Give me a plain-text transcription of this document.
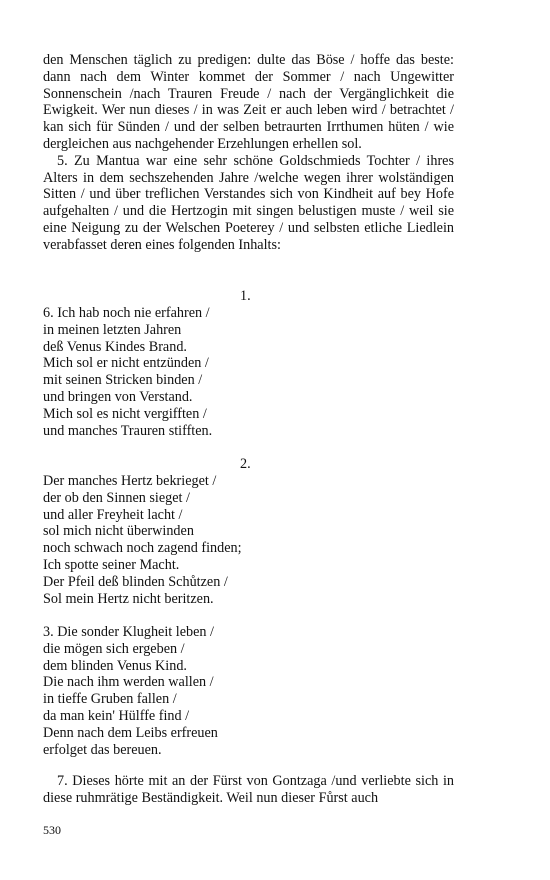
den Menschen täglich zu predigen: dulte das Böse / hoffe das beste: dann nach dem Winter kommet der Sommer / nach Ungewitter Sonnenschein /nach Trauren Freude / nach der Vergänglichkeit die Ewigkeit. Wer nun dieses / in was Zeit er auch leben wird / betrachtet / kan sich für Sünden / und der selben betraurten Irrthumen hüten / wie dergleichen aus nachgehender Erzehlungen erhellen sol.

5. Zu Mantua war eine sehr schöne Goldschmieds Tochter / ihres Alters in dem sechszehenden Jahre /welche wegen ihrer wolständigen Sitten / und über treflichen Verstandes sich von Kindheit auf bey Hofe aufgehalten / und die Hertzogin mit singen belustigen muste / weil sie eine Neigung zu der Welschen Poeterey / und selbsten etliche Liedlein verabfasset deren eines folgenden Inhalts:

1.

6. Ich hab noch nie erfahren /
in meinen letzten Jahren
deß Venus Kindes Brand.
Mich sol er nicht entzünden /
mit seinen Stricken binden /
und bringen von Verstand.
Mich sol es nicht vergifften /
und manches Trauren stifften.

2.

Der manches Hertz bekrieget /
der ob den Sinnen sieget /
und aller Freyheit lacht /
sol mich nicht überwinden
noch schwach noch zagend finden;
Ich spotte seiner Macht.
Der Pfeil deß blinden Schůtzen /
Sol mein Hertz nicht beritzen.
3. Die sonder Klugheit leben /
die mögen sich ergeben /
dem blinden Venus Kind.
Die nach ihm werden wallen /
in tieffe Gruben fallen /
da man kein' Hülffe find /
Denn nach dem Leibs erfreuen
erfolget das bereuen.

7. Dieses hörte mit an der Fürst von Gontzaga /und verliebte sich in diese ruhmrätige Beständigkeit. Weil nun dieser Fůrst auch

530
